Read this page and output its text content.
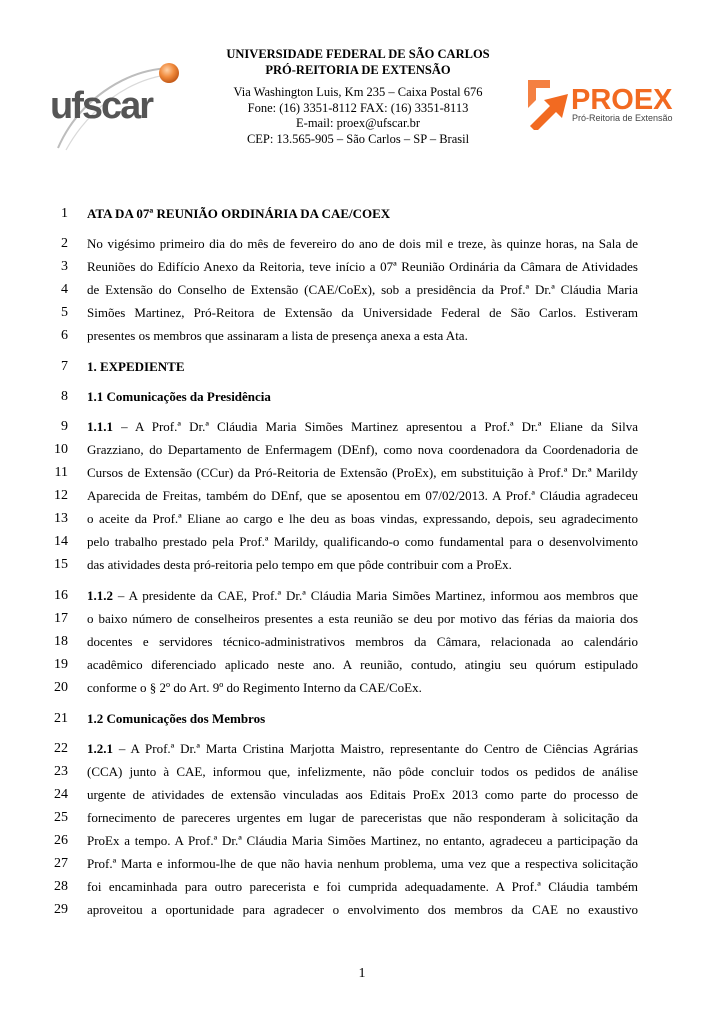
ufscar
UNIVERSIDADE FEDERAL DE SÃO CARLOS
PRÓ-REITORIA DE EXTENSÃO
Via Washington Luis, Km 235 – Caixa Postal 676
Fone: (16) 3351-8112 FAX: (16) 3351-8113
E-mail: proex@ufscar.br
CEP: 13.565-905 – São Carlos – SP – Brasil
PROEX
Pró-Reitoria de Extensão
1 ATA DA 07ª REUNIÃO ORDINÁRIA DA CAE/COEX
2 No vigésimo primeiro dia do mês de fevereiro do ano de dois mil e treze, às quinze horas, na Sala de
3 Reuniões do Edifício Anexo da Reitoria, teve início a 07ª Reunião Ordinária da Câmara de Atividades
4 de Extensão do Conselho de Extensão (CAE/CoEx), sob a presidência da Prof.ª Dr.ª Cláudia Maria
5 Simões Martinez, Pró-Reitora de Extensão da Universidade Federal de São Carlos. Estiveram
6 presentes os membros que assinaram a lista de presença anexa a esta Ata.
7 1. EXPEDIENTE
8 1.1 Comunicações da Presidência
9 1.1.1 – A Prof.ª Dr.ª Cláudia Maria Simões Martinez apresentou a Prof.ª Dr.ª Eliane da Silva
10 Grazziano, do Departamento de Enfermagem (DEnf), como nova coordenadora da Coordenadoria de
11 Cursos de Extensão (CCur) da Pró-Reitoria de Extensão (ProEx), em substituição à Prof.ª Dr.ª Marildy
12 Aparecida de Freitas, também do DEnf, que se aposentou em 07/02/2013. A Prof.ª Cláudia agradeceu
13 o aceite da Prof.ª Eliane ao cargo e lhe deu as boas vindas, expressando, depois, seu agradecimento
14 pelo trabalho prestado pela Prof.ª Marildy, qualificando-o como fundamental para o desenvolvimento
15 das atividades desta pró-reitoria pelo tempo em que pôde contribuir com a ProEx.
16 1.1.2 – A presidente da CAE, Prof.ª Dr.ª Cláudia Maria Simões Martinez, informou aos membros que
17 o baixo número de conselheiros presentes a esta reunião se deu por motivo das férias da maioria dos
18 docentes e servidores técnico-administrativos membros da Câmara, relacionada ao calendário
19 acadêmico diferenciado aplicado neste ano. A reunião, contudo, atingiu seu quórum estipulado
20 conforme o § 2º do Art. 9º do Regimento Interno da CAE/CoEx.
21 1.2 Comunicações dos Membros
22 1.2.1 – A Prof.ª Dr.ª Marta Cristina Marjotta Maistro, representante do Centro de Ciências Agrárias
23 (CCA) junto à CAE, informou que, infelizmente, não pôde concluir todos os pedidos de análise
24 urgente de atividades de extensão vinculadas aos Editais ProEx 2013 como parte do processo de
25 fornecimento de pareceres urgentes em lugar de parecеristas que não responderam à solicitação da
26 ProEx a tempo. A Prof.ª Dr.ª Cláudia Maria Simões Martinez, no entanto, agradeceu a participação da
27 Prof.ª Marta e informou-lhe de que não havia nenhum problema, uma vez que a respectiva solicitação
28 foi encaminhada para outro parecerista e foi cumprida adequadamente. A Prof.ª Cláudia também
29 aproveitou a oportunidade para agradecer o envolvimento dos membros da CAE no exaustivo
1
